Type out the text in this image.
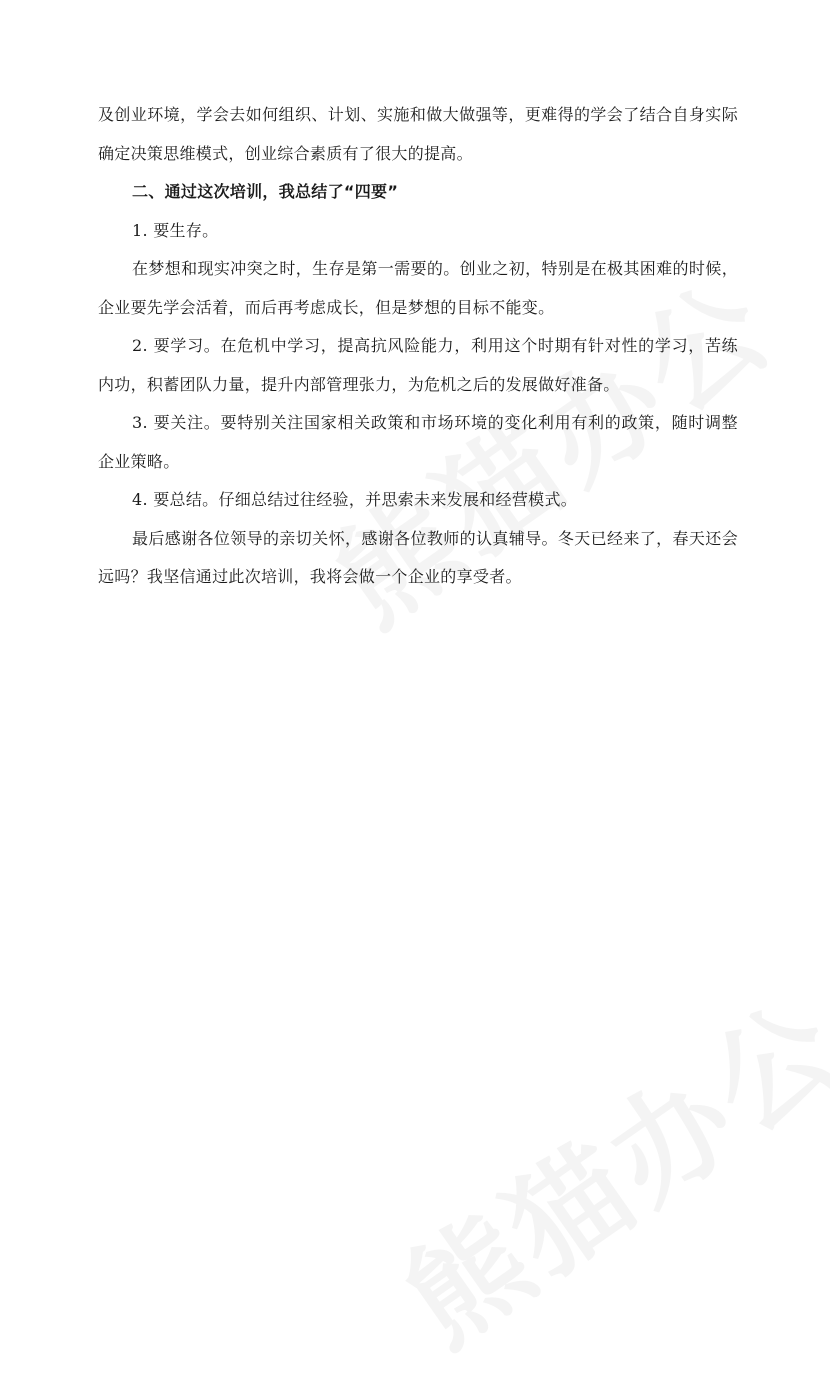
及创业环境，学会去如何组织、计划、实施和做大做强等，更难得的学会了结合自身实际确定决策思维模式，创业综合素质有了很大的提高。

二、通过这次培训，我总结了“四要”

1. 要生存。

在梦想和现实冲突之时，生存是第一需要的。创业之初，特别是在极其困难的时候，企业要先学会活着，而后再考虑成长，但是梦想的目标不能变。

2. 要学习。在危机中学习，提高抗风险能力，利用这个时期有针对性的学习，苦练内功，积蓄团队力量，提升内部管理张力，为危机之后的发展做好准备。

3. 要关注。要特别关注国家相关政策和市场环境的变化利用有利的政策，随时调整企业策略。

4. 要总结。仔细总结过往经验，并思索未来发展和经营模式。

最后感谢各位领导的亲切关怀，感谢各位教师的认真辅导。冬天已经来了，春天还会远吗？我坚信通过此次培训，我将会做一个企业的享受者。
